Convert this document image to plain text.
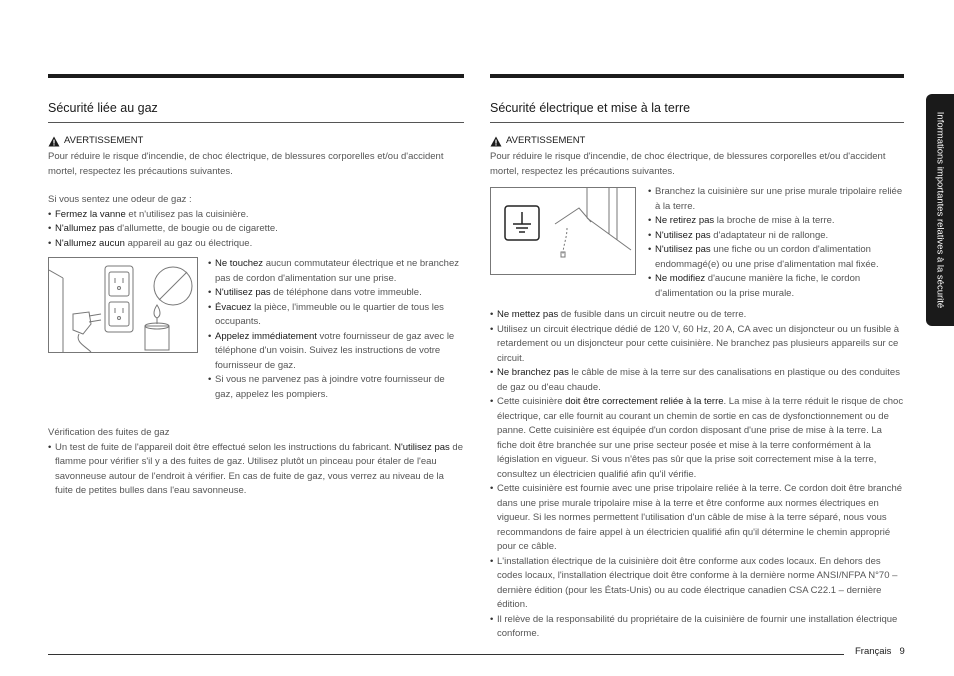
Sécurité liée au gaz
AVERTISSEMENT

Pour réduire le risque d'incendie, de choc électrique, de blessures corporelles et/ou d'accident mortel, respectez les précautions suivantes.

Si vous sentez une odeur de gaz :

• Fermez la vanne et n'utilisez pas la cuisinière.
• N'allumez pas d'allumette, de bougie ou de cigarette.
• N'allumez aucun appareil au gaz ou électrique.
• Ne touchez aucun commutateur électrique et ne branchez pas de cordon d'alimentation sur une prise.
• N'utilisez pas de téléphone dans votre immeuble.
• Évacuez la pièce, l'immeuble ou le quartier de tous les occupants.
• Appelez immédiatement votre fournisseur de gaz avec le téléphone d'un voisin. Suivez les instructions de votre fournisseur de gaz.
• Si vous ne parvenez pas à joindre votre fournisseur de gaz, appelez les pompiers.

Vérification des fuites de gaz

• Un test de fuite de l'appareil doit être effectué selon les instructions du fabricant. N'utilisez pas de flamme pour vérifier s'il y a des fuites de gaz. Utilisez plutôt un pinceau pour étaler de l'eau savonneuse autour de l'endroit à vérifier. En cas de fuite de gaz, vous verrez au niveau de la fuite de petites bulles dans l'eau savonneuse.
Sécurité électrique et mise à la terre
AVERTISSEMENT

Pour réduire le risque d'incendie, de choc électrique, de blessures corporelles et/ou d'accident mortel, respectez les précautions suivantes.

• Branchez la cuisinière sur une prise murale tripolaire reliée à la terre.
• Ne retirez pas la broche de mise à la terre.
• N'utilisez pas d'adaptateur ni de rallonge.
• N'utilisez pas une fiche ou un cordon d'alimentation endommagé(e) ou une prise d'alimentation mal fixée.
• Ne modifiez d'aucune manière la fiche, le cordon d'alimentation ou la prise murale.
• Ne mettez pas de fusible dans un circuit neutre ou de terre.
• Utilisez un circuit électrique dédié de 120 V, 60 Hz, 20 A, CA avec un disjoncteur ou un fusible à retardement ou un disjoncteur pour cette cuisinière. Ne branchez pas plusieurs appareils sur ce circuit.
• Ne branchez pas le câble de mise à la terre sur des canalisations en plastique ou des conduites de gaz ou d'eau chaude.
• Cette cuisinière doit être correctement reliée à la terre. La mise à la terre réduit le risque de choc électrique, car elle fournit au courant un chemin de sortie en cas de dysfonctionnement ou de panne. Cette cuisinière est équipée d'un cordon disposant d'une prise de mise à la terre. La fiche doit être branchée sur une prise secteur posée et mise à la terre conformément à la législation en vigueur. Si vous n'êtes pas sûr que la prise soit correctement mise à la terre, consultez un électricien qualifié afin qu'il vérifie.
• Cette cuisinière est fournie avec une prise tripolaire reliée à la terre. Ce cordon doit être branché dans une prise murale tripolaire mise à la terre et être conforme aux normes électriques en vigueur. Si les normes permettent l'utilisation d'un câble de mise à la terre séparé, nous vous recommandons de faire appel à un électricien qualifié afin qu'il détermine le chemin approprié pour ce câble.
• L'installation électrique de la cuisinière doit être conforme aux codes locaux. En dehors des codes locaux, l'installation électrique doit être conforme à la dernière norme ANSI/NFPA N°70 – dernière édition (pour les États-Unis) ou au code électrique canadien CSA C22.1 – dernière édition.
• Il relève de la responsabilité du propriétaire de la cuisinière de fournir une installation électrique conforme.
Informations importantes relatives à la sécurité
Français 9
